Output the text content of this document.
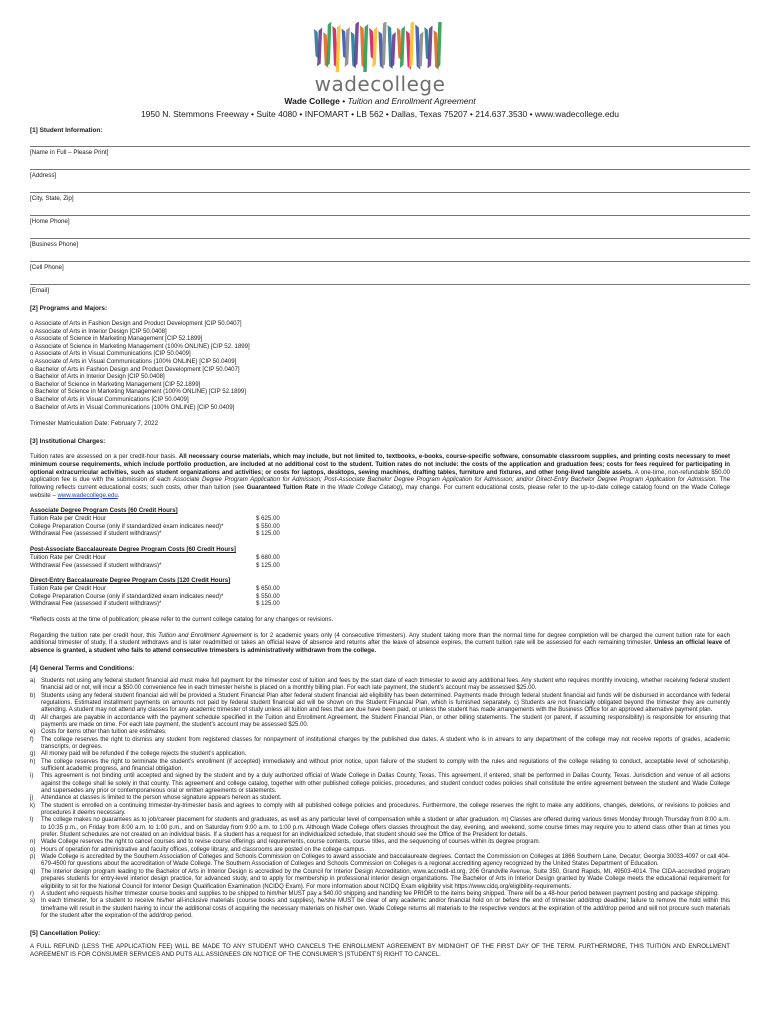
wadecollege
Wade College • Tuition and Enrollment Agreement
1950 N. Stemmons Freeway • Suite 4080 • INFOMART • LB 562 • Dallas, Texas 75207 • 214.637.3530 • www.wadecollege.edu
[1] Student Information:
[Name in Full – Please Print]
[Address]
[City, State, Zip]
[Home Phone]
[Business Phone]
[Cell Phone]
[Email]
[2] Programs and Majors:
o Associate of Arts in Fashion Design and Product Development [CIP 50.0407]
o Associate of Arts in Interior Design [CIP 50.0408]
o Associate of Science in Marketing Management [CIP 52.1899]
o Associate of Science in Marketing Management (100% ONLINE) [CIP 52. 1899]
o Associate of Arts in Visual Communications [CIP 50.0409]
o Associate of Arts in Visual Communications (100% ONLINE) [CIP 50.0409]
o Bachelor of Arts in Fashion Design and Product Development [CIP 50.0407]
o Bachelor of Arts in Interior Design [CIP 50.0408]
o Bachelor of Science in Marketing Management [CIP 52.1899]
o Bachelor of Science in Marketing Management (100% ONLINE) [CIP 52.1899]
o Bachelor of Arts in Visual Communications [CIP 50.0409]
o Bachelor of Arts in Visual Communications (100% ONLINE) [CIP 50.0409]
Trimester Matriculation Date: February 7, 2022
[3] Institutional Charges:
Tuition rates are assessed on a per credit-hour basis. All necessary course materials, which may include, but not limited to, textbooks, e-books, course-specific software, consumable classroom supplies, and printing costs necessary to meet minimum course requirements, which include portfolio production, are included at no additional cost to the student. Tuition rates do not include: the costs of the application and graduation fees; costs for fees required for participating in optional extracurricular activities, such as student organizations and activities; or costs for laptops, desktops, sewing machines, drafting tables, furniture and fixtures, and other long-lived tangible assets. A one-time, non-refundable $50.00 application fee is due with the submission of each Associate Degree Program Application for Admission; Post-Associate Bachelor Degree Program Application for Admission; and/or Direct-Entry Bachelor Degree Program Application for Admission. The following reflects current educational costs; such costs, other than tuition (see Guaranteed Tuition Rate in the Wade College Catalog), may change. For current educational costs, please refer to the up-to-date college catalog found on the Wade College website – www.wadecollege.edu.
Associate Degree Program Costs [60 Credit Hours]
Tuition Rate per Credit Hour	$ 625.00
College Preparation Course (only if standardized exam indicates need)*	$ 550.00
Withdrawal Fee (assessed if student withdraws)*	$ 125.00
Post-Associate Baccalaureate Degree Program Costs [60 Credit Hours]
Tuition Rate per Credit Hour	$ 680.00
Withdrawal Fee (assessed if student withdraws)*	$ 125.00
Direct-Entry Baccalaureate Degree Program Costs [120 Credit Hours]
Tuition Rate per Credit Hour	$ 650.00
College Preparation Course (only if standardized exam indicates need)*	$ 550.00
Withdrawal Fee (assessed if student withdraws)*	$ 125.00
*Reflects costs at the time of publication; please refer to the current college catalog for any changes or revisions.
Regarding the tuition rate per credit hour, this Tuition and Enrollment Agreement is for 2 academic years only (4 consecutive trimesters). Any student taking more than the normal time for degree completion will be charged the current tuition rate for each additional trimester of study. If a student withdraws and is later readmitted or takes an official leave of absence and returns after the leave of absence expires, the current tuition rate will be assessed for each remaining trimester. Unless an official leave of absence is granted, a student who fails to attend consecutive trimesters is administratively withdrawn from the college.
[4] General Terms and Conditions:
a) Students not using any federal student financial aid must make full payment for the trimester cost of tuition and fees by the start date of each trimester to avoid any additional fees. Any student who requires monthly invoicing, whether receiving federal student financial aid or not, will incur a $50.00 convenience fee in each trimester he/she is placed on a monthly billing plan. For each late payment, the student’s account may be assessed $25.00.
b) Students using any federal student financial aid will be provided a Student Financial Plan after federal student financial aid eligibility has been determined. Payments made through federal student financial aid funds will be disbursed in accordance with federal regulations. Estimated installment payments on amounts not paid by federal student financial aid will be shown on the Student Financial Plan, which is furnished separately. c) Students are not financially obligated beyond the trimester they are currently attending. A student may not attend any classes for any academic trimester of study unless all tuition and fees that are due have been paid, or unless the student has made arrangements with the Business Office for an approved alternative payment plan.
d) All charges are payable in accordance with the payment schedule specified in the Tuition and Enrollment Agreement, the Student Financial Plan, or other billing statements. The student (or parent, if assuming responsibility) is responsible for ensuring that payments are made on time. For each late payment, the student’s account may be assessed $25.00.
e) Costs for items other than tuition are estimates.
f)	The college reserves the right to dismiss any student from registered classes for nonpayment of institutional charges by the published due dates. A student who is in arrears to any department of the college may not receive reports of grades, academic transcripts, or degrees.
g) All money paid will be refunded if the college rejects the student’s application.
h) The college reserves the right to terminate the student’s enrollment (if accepted) immediately and without prior notice, upon failure of the student to comply with the rules and regulations of the college relating to conduct, acceptable level of scholarship, sufficient academic progress, and financial obligation.
i)	This agreement is not binding until accepted and signed by the student and by a duly authorized official of Wade College in Dallas County, Texas. This agreement, if entered, shall be performed in Dallas County, Texas. Jurisdiction and venue of all actions against the college shall lie solely in that county. This agreement and college catalog, together with other published college policies, procedures, and student conduct codes policies shall constitute the entire agreement between the student and Wade College and supersedes any prior or contemporaneous oral or written agreements or statements.
j)	Attendance at classes is limited to the person whose signature appears hereon as student.
k)	The student is enrolled on a continuing trimester-by-trimester basis and agrees to comply with all published college policies and procedures. Furthermore, the college reserves the right to make any additions, changes, deletions, or revisions to policies and procedures it deems necessary.
l)	The college makes no guarantees as to job/career placement for students and graduates, as well as any particular level of compensation while a student or after graduation. m) Classes are offered during various times Monday through Thursday from 8:00 a.m. to 10:35 p.m., on Friday from 8:00 a.m. to 1:00 p.m., and on Saturday from 9:00 a.m. to 1:00 p.m. Although Wade College offers classes throughout the day, evening, and weekend, some course times may require you to attend class other than at times you prefer. Student schedules are not created on an individual basis. If a student has a request for an individualized schedule, that student should see the Office of the President for details.
n) Wade College reserves the right to cancel courses and to revise course offerings and requirements, course contents, course titles, and the sequencing of courses within its degree program.
o) Hours of operation for administrative and faculty offices, college library, and classrooms are posted on the college campus.
p) Wade College is accredited by the Southern Association of Colleges and Schools Commission on Colleges to award associate and baccalaureate degrees. Contact the Commission on Colleges at 1866 Southern Lane, Decatur, Georgia 30033-4097 or call 404-679-4500 for questions about the accreditation of Wade College. The Southern Association of Colleges and Schools Commission on Colleges is a regional accrediting agency recognized by the United States Department of Education.
q) The interior design program leading to the Bachelor of Arts in Interior Design is accredited by the Council for Interior Design Accreditation, www.accredit-id.org, 206 Grandville Avenue, Suite 350, Grand Rapids, MI, 49503-4014. The CIDA-accredited program prepares students for entry-level interior design practice, for advanced study, and to apply for membership in professional interior design organizations. The Bachelor of Arts in Interior Design granted by Wade College meets the educational requirement for eligibility to sit for the National Council for Interior Design Qualification Examination (NCIDQ Exam). For more information about NCIDQ Exam eligibility visit https://www.cidq.org/eligibility-requirements.
r)	A student who requests his/her trimester course books and supplies to be shipped to him/her MUST pay a $40.00 shipping and handling fee PRIOR to the items being shipped. There will be a 48-hour period between payment posting and package shipping.
s)	In each trimester, for a student to receive his/her all-inclusive materials (course books and supplies), he/she MUST be clear of any academic and/or financial hold on or before the end of trimester add/drop deadline; failure to remove the hold within this timeframe will result in the student having to incur the additional costs of acquiring the necessary materials on his/her own. Wade College returns all materials to the respective vendors at the expiration of the add/drop period and will not procure such materials for the student after the expiration of the add/drop period.
[5] Cancellation Policy:
A FULL REFUND (LESS THE APPLICATION FEE) WILL BE MADE TO ANY STUDENT WHO CANCELS THE ENROLLMENT AGREEMENT BY MIDNIGHT OF THE FIRST DAY OF THE TERM. FURTHERMORE, THIS TUITION AND ENROLLMENT AGREEMENT IS FOR CONSUMER SERVICES AND PUTS ALL ASSIGNEES ON NOTICE OF THE CONSUMER’S [STUDENT’S] RIGHT TO CANCEL.
